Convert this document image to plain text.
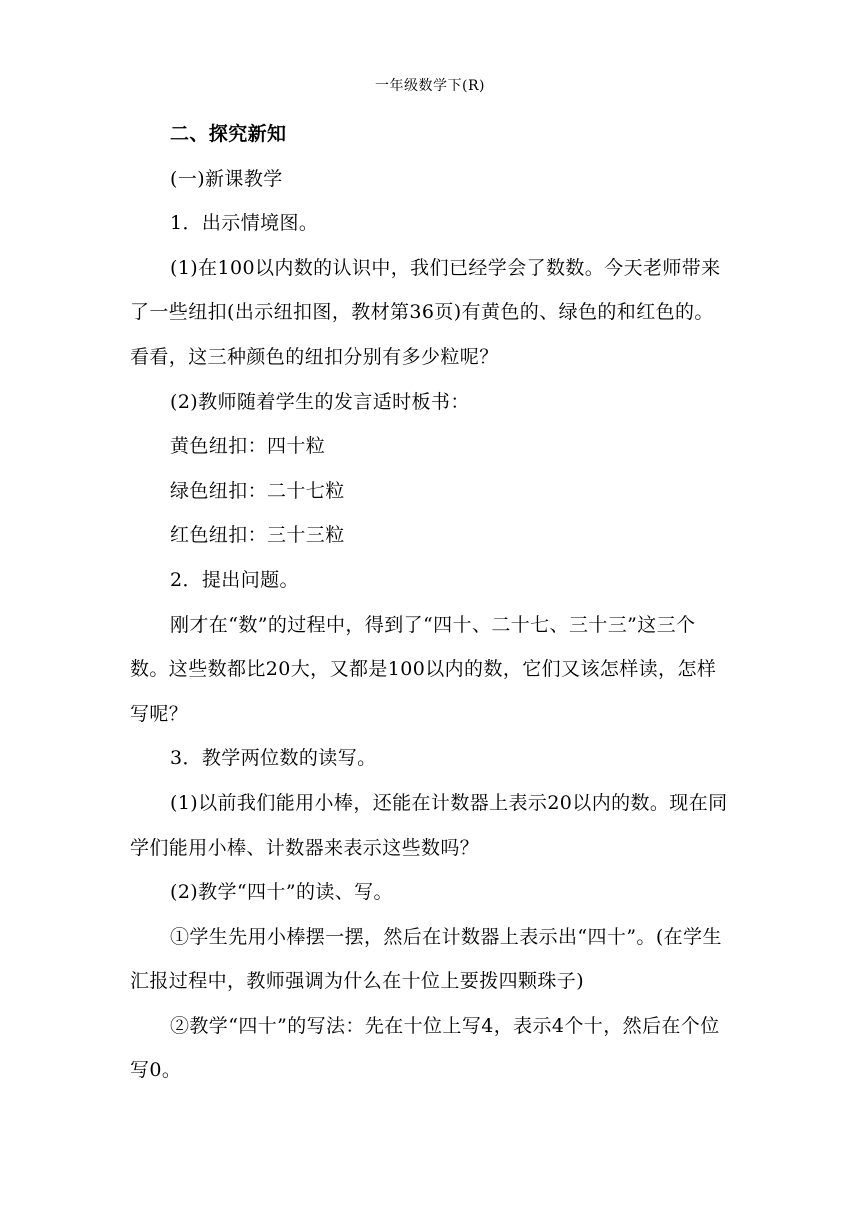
一年级数学下(R)

二、探究新知

(一)新课教学

1．出示情境图。

(1)在100以内数的认识中，我们已经学会了数数。今天老师带来了一些纽扣(出示纽扣图，教材第36页)有黄色的、绿色的和红色的。看看，这三种颜色的纽扣分别有多少粒呢？

(2)教师随着学生的发言适时板书：

黄色纽扣：四十粒

绿色纽扣：二十七粒

红色纽扣：三十三粒

2．提出问题。

刚才在“数”的过程中，得到了“四十、二十七、三十三”这三个数。这些数都比20大，又都是100以内的数，它们又该怎样读，怎样写呢？

3．教学两位数的读写。

(1)以前我们能用小棒，还能在计数器上表示20以内的数。现在同学们能用小棒、计数器来表示这些数吗？

(2)教学“四十”的读、写。

①学生先用小棒摆一摆，然后在计数器上表示出“四十”。(在学生汇报过程中，教师强调为什么在十位上要拨四颗珠子)

②教学“四十”的写法：先在十位上写4，表示4个十，然后在个位写0。
